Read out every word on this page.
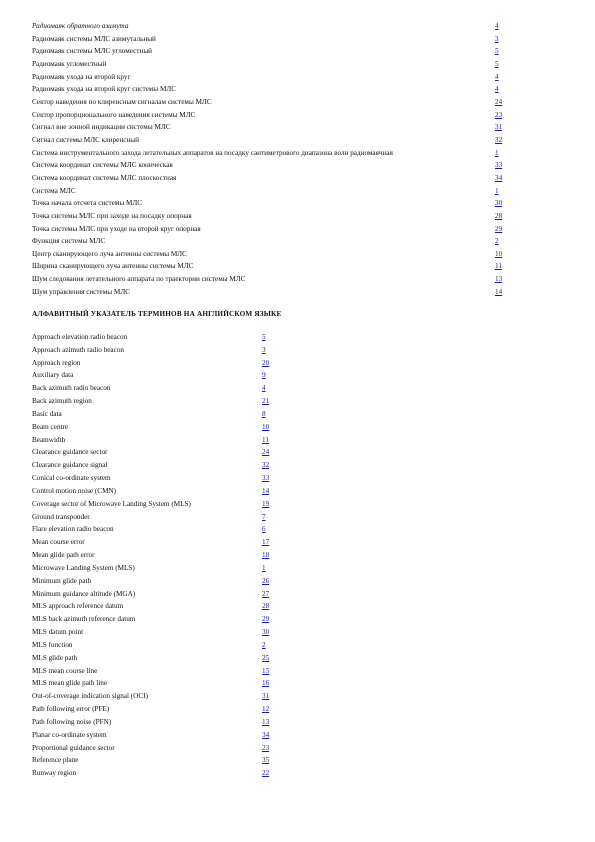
Радиомаяк обратного азимута	4
Радиомаяк системы МЛС азимутальный	3
Радиомаяк системы МЛС угломестный	5
Радиомаяк угломестный	5
Радиомаяк ухода на второй круг	4
Радиомаяк ухода на второй круг системы МЛС	4
Сектор наведения по клиренсным сигналам системы МЛС	24
Сектор пропорционального наведения системы МЛС	23
Сигнал вне зонной индикации системы МЛС	31
Сигнал системы МЛС клиренсный	32
Система инструментального захода летательных аппаратов на посадку сантиметрового диапазона волн радиомаячная	1
Система координат системы МЛС коническая	33
Система координат системы МЛС плоскостная	34
Система МЛС	1
Точка начала отсчета системы МЛС	30
Точка системы МЛС при заходе на посадку опорная	28
Точка системы МЛС при уходе на второй круг опорная	29
Функция системы МЛС	2
Центр сканирующего луча антенны системы МЛС	10
Ширина сканирующего луча антенны системы МЛС	11
Шум следования летательного аппарата по траектории системы МЛС	13
Шум управления системы МЛС	14
АЛФАВИТНЫЙ УКАЗАТЕЛЬ ТЕРМИНОВ НА АНГЛИЙСКОМ ЯЗЫКЕ
Approach elevation radio beacon	5
Approach azimuth radio beacon	3
Approach region	20
Auxiliary data	9
Back azimuth radio beacon	4
Back azimuth region	21
Basic data	8
Beam centre	10
Beamwidth	11
Clearance guidance sector	24
Clearance guidance signal	32
Conical co-ordinate system	33
Control motion noise (CMN)	14
Coverage sector of Microwave Landing System (MLS)	19
Ground transponder	7
Flare elevation radio beacon	6
Mean course error	17
Mean glide path error	18
Microwave Landing System (MLS)	1
Minimum glide path	26
Minimum guidance altitude (MGA)	27
MLS approach reference datum	28
MLS back azimuth reference datum	29
MLS datum point	30
MLS function	2
MLS glide path	25
MLS mean course line	15
MLS mean glide path line	16
Out-of-coverage indication signal (OCI)	31
Path following error (PFE)	12
Path following noise (PFN)	13
Planar co-ordinate system	34
Proportional guidance sector	23
Reference plane	35
Runway region	22
